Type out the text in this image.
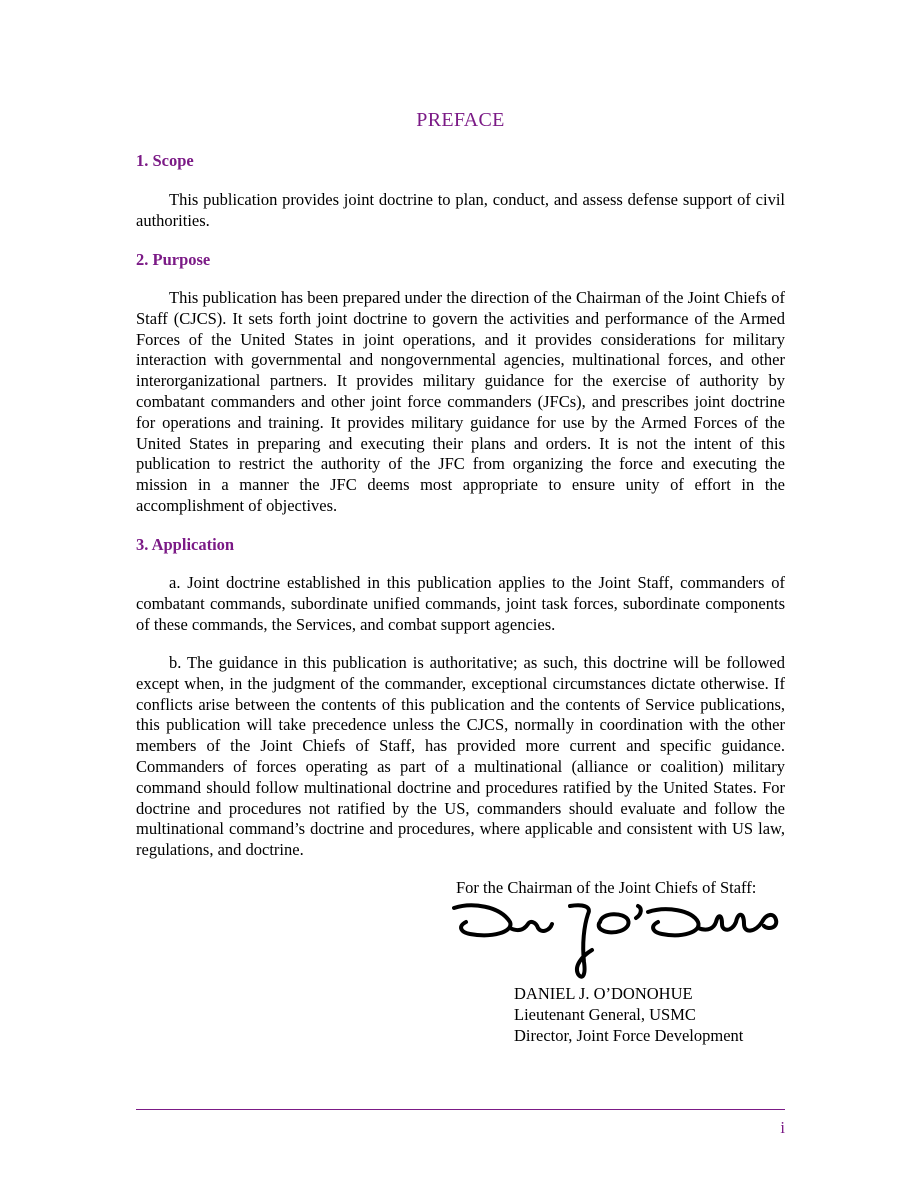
PREFACE
1. Scope

This publication provides joint doctrine to plan, conduct, and assess defense support of civil authorities.

2. Purpose

This publication has been prepared under the direction of the Chairman of the Joint Chiefs of Staff (CJCS). It sets forth joint doctrine to govern the activities and performance of the Armed Forces of the United States in joint operations, and it provides considerations for military interaction with governmental and nongovernmental agencies, multinational forces, and other interorganizational partners. It provides military guidance for the exercise of authority by combatant commanders and other joint force commanders (JFCs), and prescribes joint doctrine for operations and training. It provides military guidance for use by the Armed Forces of the United States in preparing and executing their plans and orders. It is not the intent of this publication to restrict the authority of the JFC from organizing the force and executing the mission in a manner the JFC deems most appropriate to ensure unity of effort in the accomplishment of objectives.

3. Application

a. Joint doctrine established in this publication applies to the Joint Staff, commanders of combatant commands, subordinate unified commands, joint task forces, subordinate components of these commands, the Services, and combat support agencies.

b. The guidance in this publication is authoritative; as such, this doctrine will be followed except when, in the judgment of the commander, exceptional circumstances dictate otherwise. If conflicts arise between the contents of this publication and the contents of Service publications, this publication will take precedence unless the CJCS, normally in coordination with the other members of the Joint Chiefs of Staff, has provided more current and specific guidance. Commanders of forces operating as part of a multinational (alliance or coalition) military command should follow multinational doctrine and procedures ratified by the United States. For doctrine and procedures not ratified by the US, commanders should evaluate and follow the multinational command’s doctrine and procedures, where applicable and consistent with US law, regulations, and doctrine.

For the Chairman of the Joint Chiefs of Staff:
DANIEL J. O’DONOHUE
Lieutenant General, USMC
Director, Joint Force Development
i
